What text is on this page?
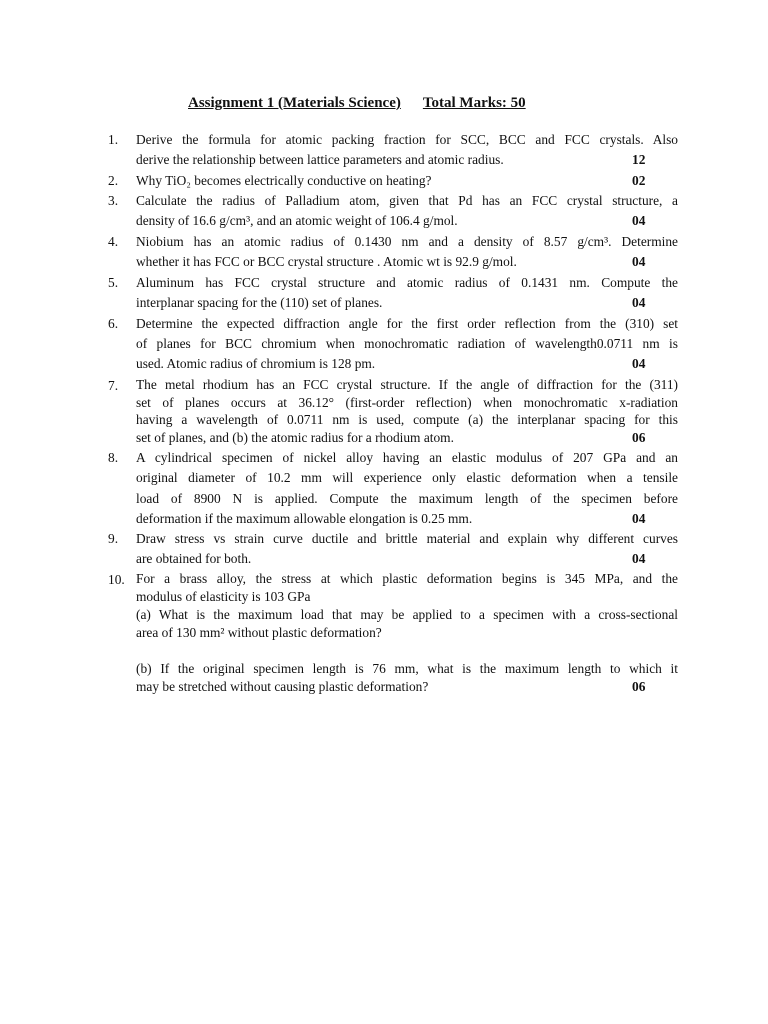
Assignment 1 (Materials Science) Total Marks: 50
1.	Derive the formula for atomic packing fraction for SCC, BCC and FCC crystals. Also
derive the relationship between lattice parameters and atomic radius.	12
2.	Why TiO₂ becomes electrically conductive on heating?	02
3.	Calculate the radius of Palladium atom, given that Pd has an FCC crystal structure, a
density of 16.6 g/cm³, and an atomic weight of 106.4 g/mol.	04
4.	Niobium has an atomic radius of 0.1430 nm and a density of 8.57 g/cm³. Determine
whether it has FCC or BCC crystal structure . Atomic wt is 92.9 g/mol.	04
5.	Aluminum has FCC crystal structure and atomic radius of 0.1431 nm. Compute the
interplanar spacing for the (110) set of planes.	04
6.	Determine the expected diffraction angle for the first order reflection from the (310) set
of planes for BCC chromium when monochromatic radiation of wavelength0.0711 nm is
used. Atomic radius of chromium is 128 pm.	04
7.	The metal rhodium has an FCC crystal structure. If the angle of diffraction for the (311)
set of planes occurs at 36.12° (first-order reflection) when monochromatic x-radiation
having a wavelength of 0.0711 nm is used, compute (a) the interplanar spacing for this
set of planes, and (b) the atomic radius for a rhodium atom.	06
8.	A cylindrical specimen of nickel alloy having an elastic modulus of 207 GPa and an
original diameter of 10.2 mm will experience only elastic deformation when a tensile
load of 8900 N is applied. Compute the maximum length of the specimen before
deformation if the maximum allowable elongation is 0.25 mm.	04
9.	Draw stress vs strain curve ductile and brittle material and explain why different curves
are obtained for both.	04
10. For a brass alloy, the stress at which plastic deformation begins is 345 MPa, and the
modulus of elasticity is 103 GPa
(a) What is the maximum load that may be applied to a specimen with a cross-sectional
area of 130 mm² without plastic deformation?
(b) If the original specimen length is 76 mm, what is the maximum length to which it
may be stretched without causing plastic deformation?	06
